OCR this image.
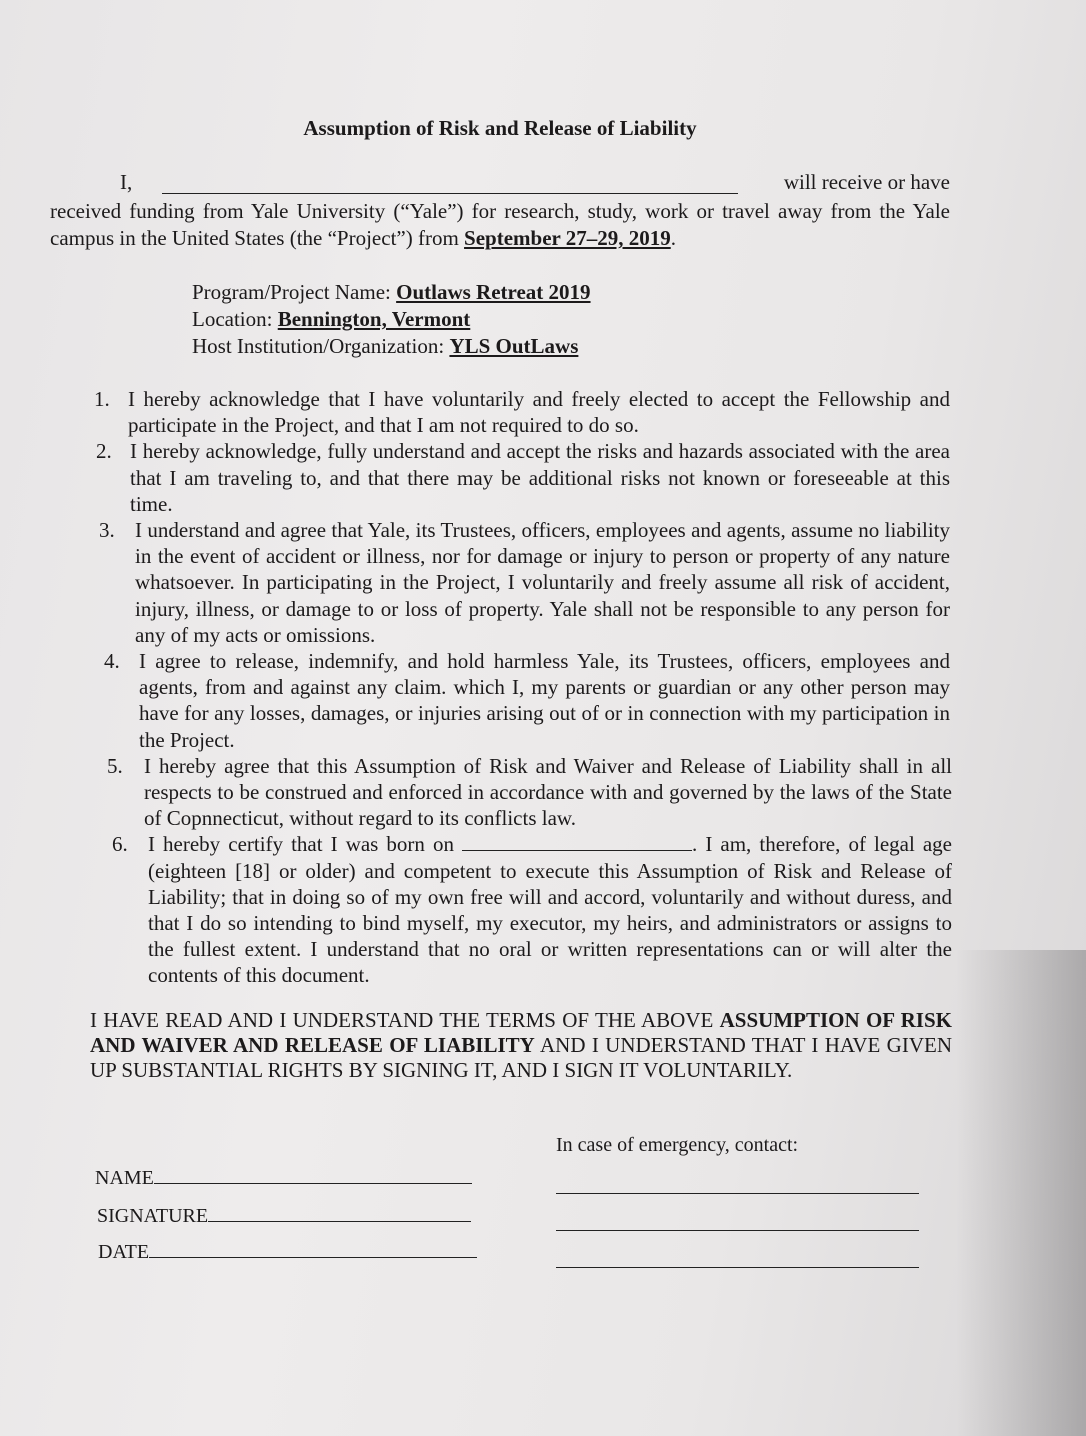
Assumption of Risk and Release of Liability
I,	will receive or have
received funding from Yale University (“Yale”) for research, study, work or travel away from the Yale campus in the United States (the “Project”) from September 27–29, 2019.
Program/Project Name: Outlaws Retreat 2019
Location: Bennington, Vermont
Host Institution/Organization: YLS OutLaws
1. I hereby acknowledge that I have voluntarily and freely elected to accept the Fellowship and participate in the Project, and that I am not required to do so.
2. I hereby acknowledge, fully understand and accept the risks and hazards associated with the area that I am traveling to, and that there may be additional risks not known or foreseeable at this time.
3. I understand and agree that Yale, its Trustees, officers, employees and agents, assume no liability in the event of accident or illness, nor for damage or injury to person or property of any nature whatsoever. In participating in the Project, I voluntarily and freely assume all risk of accident, injury, illness, or damage to or loss of property. Yale shall not be responsible to any person for any of my acts or omissions.
4. I agree to release, indemnify, and hold harmless Yale, its Trustees, officers, employees and agents, from and against any claim. which I, my parents or guardian or any other person may have for any losses, damages, or injuries arising out of or in connection with my participation in the Project.
5. I hereby agree that this Assumption of Risk and Waiver and Release of Liability shall in all respects to be construed and enforced in accordance with and governed by the laws of the State of Copnnecticut, without regard to its conflicts law.
6. I hereby certify that I was born on	. I am, therefore, of legal age (eighteen [18] or older) and competent to execute this Assumption of Risk and Release of Liability; that in doing so of my own free will and accord, voluntarily and without duress, and that I do so intending to bind myself, my executor, my heirs, and administrators or assigns to the fullest extent. I understand that no oral or written representations can or will alter the contents of this document.
I HAVE READ AND I UNDERSTAND THE TERMS OF THE ABOVE ASSUMPTION OF RISK AND WAIVER AND RELEASE OF LIABILITY AND I UNDERSTAND THAT I HAVE GIVEN UP SUBSTANTIAL RIGHTS BY SIGNING IT, AND I SIGN IT VOLUNTARILY.
In case of emergency, contact:
NAME
SIGNATURE
DATE
